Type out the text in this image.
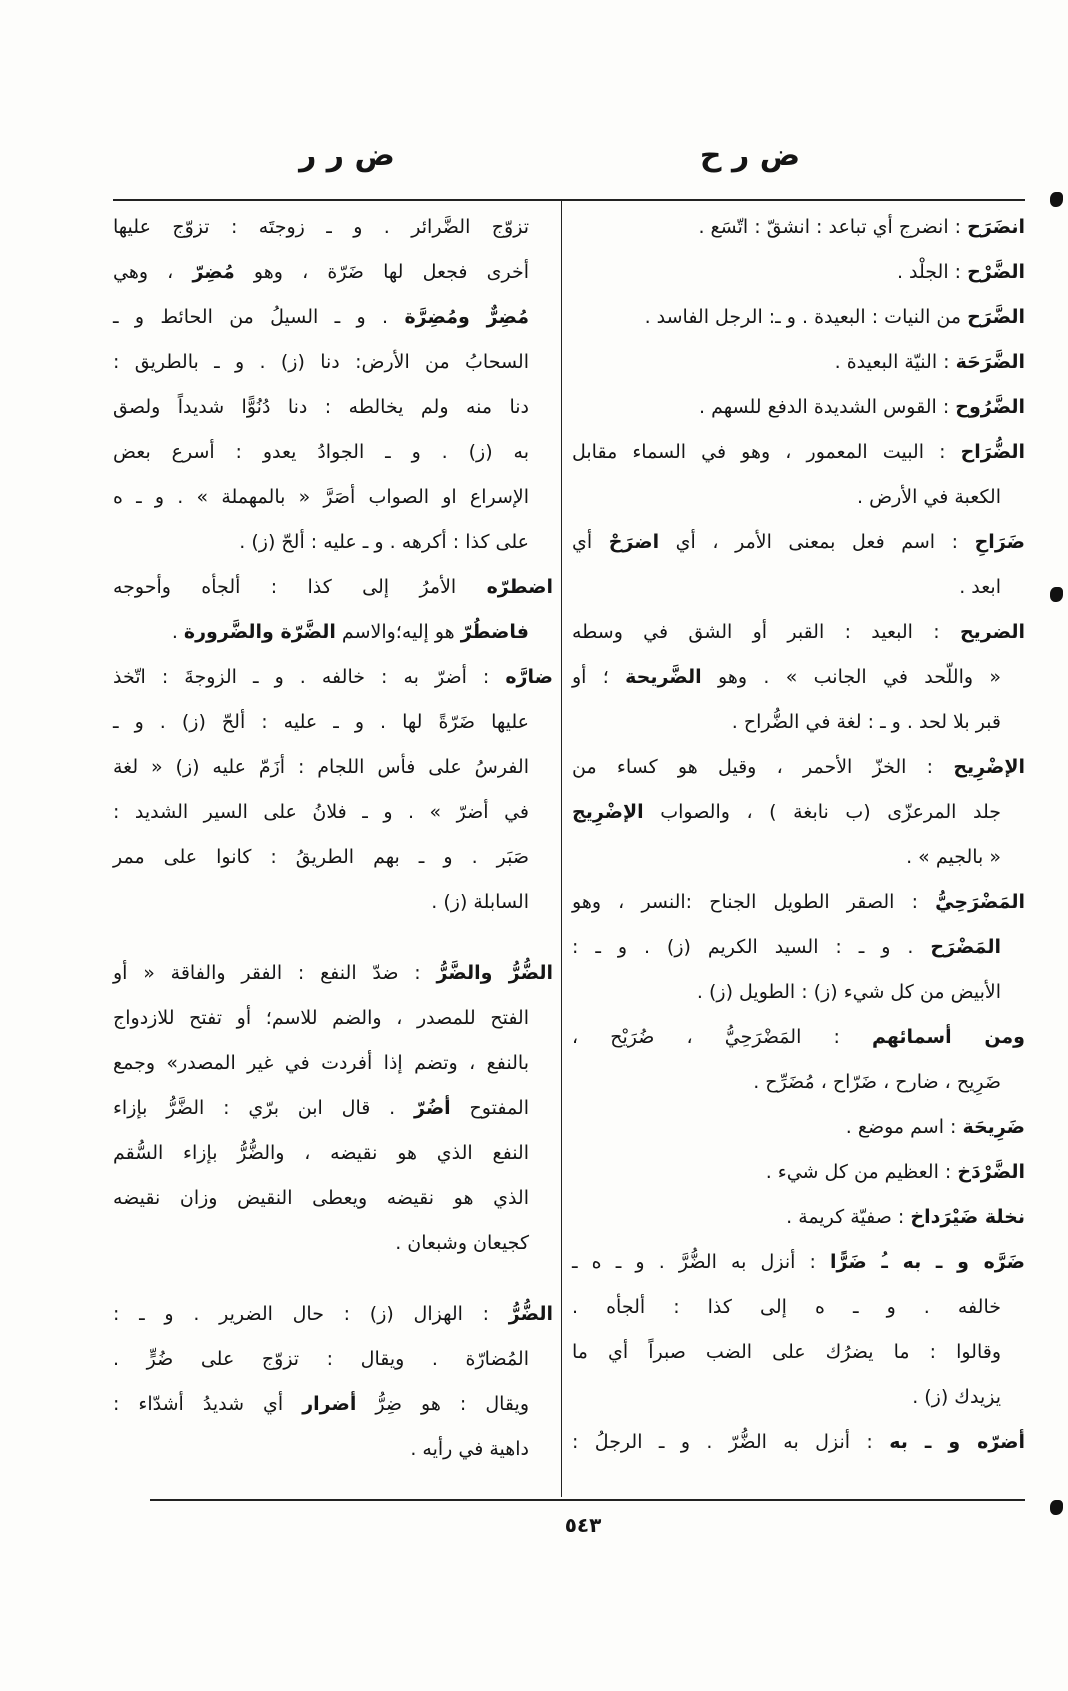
ض ر ر	ض ر ح
انضَرَح : انضرج أي تباعد : انشقّ : اتّسَع .
الضَّرْح : الجلْد .
الضَّرَح من النيات : البعيدة . و ـ: الرجل الفاسد .
الضَّرَحَة : النيّة البعيدة .
الضَّرُوح : القوس الشديدة الدفع للسهم .
الضُّرَاح : البيت المعمور ، وهو في السماء مقابل
الكعبة في الأرض .
ضَرَاحِ : اسم فعل بمعنى الأمر ، أي اضرَحْ أي
ابعد .
الضريح : البعيد : القبر أو الشق في وسطه
« واللّحد في الجانب » . وهو الضَّريحة ؛ أو
قبر بلا لحد . و ـ : لغة في الضُّراح .
الإضْرِيح : الخزّ الأحمر ، وقيل هو كساء من
جلد المرعزّى (ب نابغة ) ، والصواب الإضْرِيج
« بالجيم » .
المَضْرَحِيُّ : الصقر الطويل الجناح :النسر ، وهو
المَضْرَح . و ـ : السيد الكريم (ز) . و ـ :
الأبيض من كل شيء (ز) : الطويل (ز) .
ومن أسمائهم : المَضْرَحِيُّ ، ضُرَيْح ،
ضَرِيح ، ضارح ، ضَرّاح ، مُضَرِّح .
ضَرِيحَة : اسم موضع .
الضَّرْدَخ : العظيم من كل شيء .
نخلة ضَيْرَداخ : صفيّة كريمة .
ضَرَّه و ـ به ـُ ضَرًّا : أنزل به الضُّرَّ . و ـ ه ـ
خالفه . و ـ ه إلى كذا : ألجأه .
وقالوا : ما يضرُك على الضب صبراً أي ما
يزيدك (ز) .
أضرّه و ـ به : أنزل به الضُّرّ . و ـ الرجلُ :
تزوّج الضَّرائر . و ـ زوجتَه : تزوّج عليها
أخرى فجعل لها ضَرّة ، وهو مُضِرّ ، وهي
مُضِرٌّ ومُضِرَّة . و ـ السيلُ من الحائط و ـ
السحابُ من الأرض: دنا (ز) . و ـ بالطريق :
دنا منه ولم يخالطه : دنا دُنُوًّا شديداً ولصق
به (ز) . و ـ الجوادُ يعدو : أسرع بعض
الإسراع او الصواب أصَرَّ « بالمهملة » . و ـ ه
على كذا : أكرهه . و ـ عليه : ألحّ (ز) .
اضطرّه الأمرُ إلى كذا : ألجأه وأحوجه
فاضطُرّ هو إليه؛والاسم الضَّرّة والضَّرورة .
ضارَّه : أضرّ به : خالفه . و ـ الزوجةَ : اتّخذ
عليها ضَرّةً لها . و ـ عليه : ألحّ (ز) . و ـ
الفرسُ على فأس اللجام : أزَمّ عليه (ز) « لغة
في أضرّ » . و ـ فلانُ على السير الشديد :
صَبَر . و ـ بهم الطريقُ : كانوا على ممر
السابلة (ز) .
الضُّرُّ والضَّرُّ : ضدّ النفع : الفقر والفاقة « أو
الفتح للمصدر ، والضم للاسم؛ أو تفتح للازدواج
بالنفع ، وتضم إذا أفردت في غير المصدر» وجمع
المفتوح أضُرّ . قال ابن برّي : الضَّرُّ بإزاء
النفع الذي هو نقيضه ، والضُّرُّ بإزاء السُّقم
الذي هو نقيضه ويعطى النقيض وزان نقيضه
كجيعان وشبعان .
الضُّرُّ : الهزال (ز) : حال الضرير . و ـ :
المُضارّة . ويقال : تزوّج على ضُرٍّ .
ويقال : هو ضِرُّ أضرار أي شديدُ أشدّاء :
داهية في رأيه .
٥٤٣
